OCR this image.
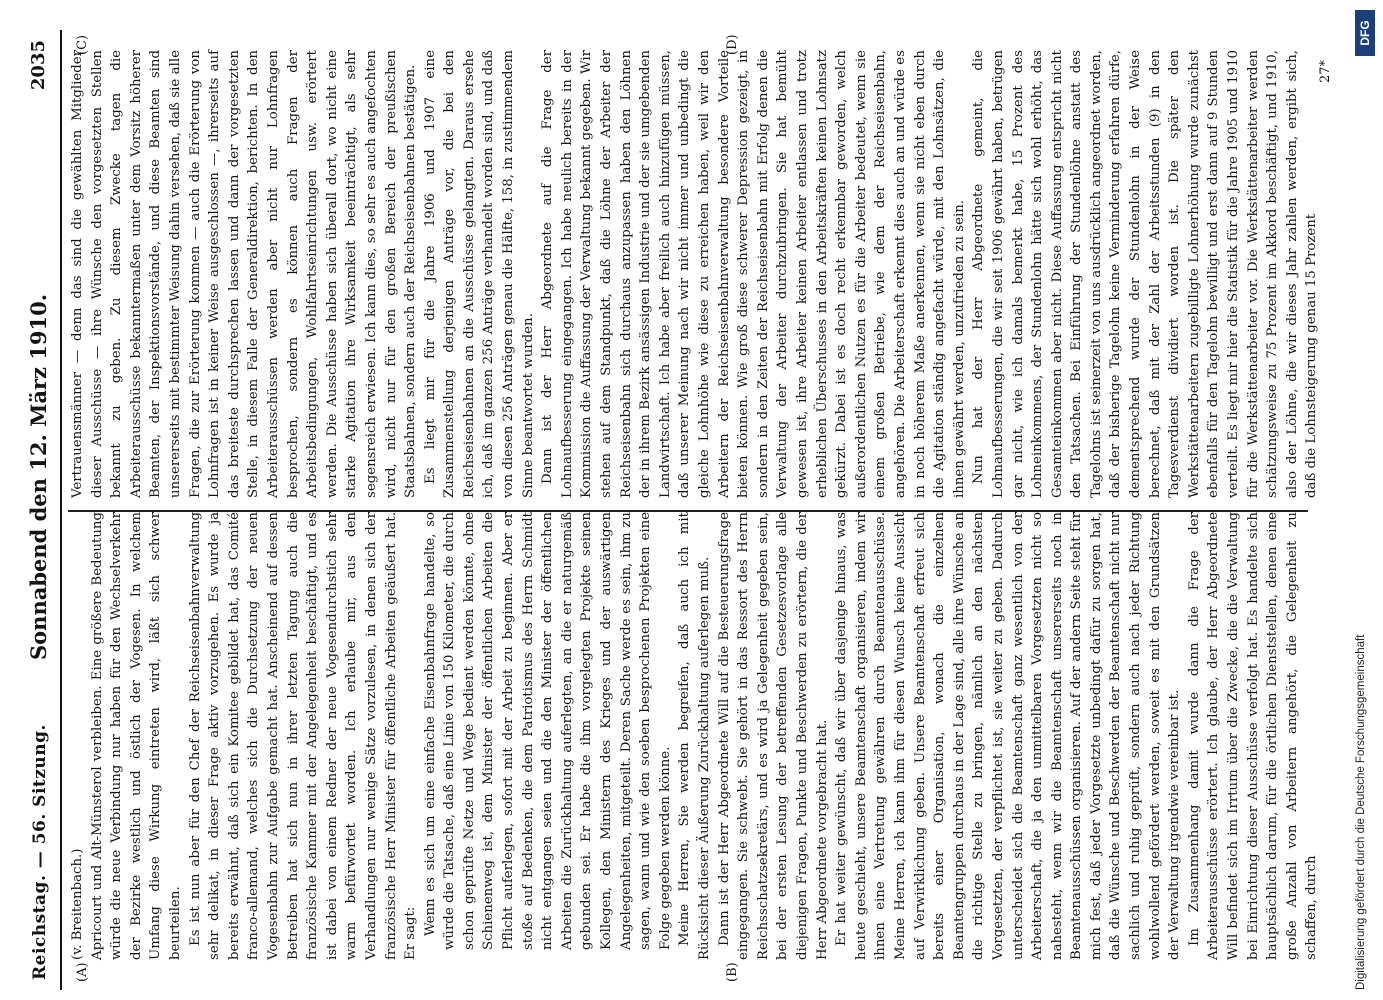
Reichstag. — 56. Sitzung.
Sonnabend den 12. März 1910.
2035
(A)	(B)
(C)	(D)

(v. Breitenbach.) Apricourt und Alt-Münsterol verbleiben. Eine größere Bedeutung würde die neue Verbindung nur haben für den Wechselverkehr der Bezirke westlich und östlich der Vogesen. In welchem Umfang diese Wirkung eintreten wird, läßt sich schwer beurteilen. Es ist nun aber für den Chef der Reichseisenbahnverwaltung sehr delikat, in dieser Frage aktiv vorzugehen. Es wurde ja bereits erwähnt, daß sich ein Komitee gebildet hat, das Comité franco-allemand, welches sich die Durchsetzung der neuen Vogesenbahn zur Aufgabe gemacht hat. Anscheinend auf dessen Betreiben hat sich nun in ihrer letzten Tagung auch die französische Kammer mit der Angelegenheit beschäftigt, und es ist dabei von einem Redner der neue Vogesendurchstich sehr warm befürwortet worden. Ich erlaube mir, aus den Verhandlungen nur wenige Sätze vorzulesen, in denen sich der französische Herr Minister für öffentliche Arbeiten geäußert hat. Er sagt: Wenn es sich um eine einfache Eisenbahnfrage handelte, so würde die Tatsache, daß eine Linie von 150 Kilometer, die durch schon geprüfte Netze und Wege bedient werden könnte, ohne Schienenweg ist, dem Minister der öffentlichen Arbeiten die Pflicht auferlegen, sofort mit der Arbeit zu beginnen. Aber er stoße auf Bedenken, die dem Patriotismus des Herrn Schmidt nicht entgangen seien und die den Minister der öffentlichen Arbeiten die Zurückhaltung auferlegten, an die er naturgemäß gebunden sei. Er habe die ihm vorgelegten Projekte seinen Kollegen, den Ministern des Krieges und der auswärtigen Angelegenheiten, mitgeteilt. Deren Sache werde es sein, ihm zu sagen, wann und wie den soeben besprochenen Projekten eine Folge gegeben werden könne. Meine Herren, Sie werden begreifen, daß auch ich mit Rücksicht dieser Äußerung Zurückhaltung auferlegen muß. Dann ist der Herr Abgeordnete Will auf die Besteuerungsfrage eingegangen. Sie schwebt. Sie gehört in das Ressort des Herrn Reichsschatzsekretärs, und es wird ja Gelegenheit gegeben sein, bei der ersten Lesung der betreffenden Gesetzesvorlage alle diejenigen Fragen, Punkte und Beschwerden zu erörtern, die der Herr Abgeordnete vorgebracht hat. Er hat weiter gewünscht, daß wir über dasjenige hinaus, was heute geschieht, unsere Beamtenschaft organisieren, indem wir ihnen eine Vertretung gewähren durch Beamtenausschüsse. Meine Herren, ich kann ihm für diesen Wunsch keine Aussicht auf Verwirklichung geben. Unsere Beamtenschaft erfreut sich bereits einer Organisation, wonach die einzelnen Beamtengruppen durchaus in der Lage sind, alle ihre Wünsche an die richtige Stelle zu bringen, nämlich an den nächsten Vorgesetzten, der verpflichtet ist, sie weiter zu geben. Dadurch unterscheidet sich die Beamtenschaft ganz wesentlich von der Arbeiterschaft, die ja den unmittelbaren Vorgesetzten nicht so nahesteht, wenn wir die Beamtenschaft unsererseits noch in Beamtenausschüssen organisieren. Auf der andern Seite steht für mich fest, daß jeder Vorgesetzte unbedingt dafür zu sorgen hat, daß die Wünsche und Beschwerden der Beamtenschaft nicht nur sachlich und ruhig geprüft, sondern auch nach jeder Richtung wohlwollend gefördert werden, soweit es mit den Grundsätzen der Verwaltung irgendwie vereinbar ist. Im Zusammenhang damit wurde dann die Frage der Arbeiterausschüsse erörtert. Ich glaube, der Herr Abgeordnete Will befindet sich im Irrtum über die Zwecke, die die Verwaltung bei Einrichtung dieser Ausschüsse verfolgt hat. Es handelte sich hauptsächlich darum, für die örtlichen Dienststellen, denen eine große Anzahl von Arbeitern angehört, die Gelegenheit zu schaffen, durch

Vertrauensmänner — denn das sind die gewählten Mitglieder dieser Ausschüsse — ihre Wünsche den vorgesetzten Stellen bekannt zu geben. Zu diesem Zwecke tagen die Arbeiterausschüsse bekanntermaßen unter dem Vorsitz höherer Beamten, der Inspektionsvorstände, und diese Beamten sind unsererseits mit bestimmter Weisung dahin versehen, daß sie alle Fragen, die zur Erörterung kommen — auch die Erörterung von Lohnfragen ist in keiner Weise ausgeschlossen —, ihrerseits auf das breiteste durchsprechen lassen und dann der vorgesetzten Stelle, in diesem Falle der Generaldirektion, berichten. In den Arbeiterausschüssen werden aber nicht nur Lohnfragen besprochen, sondern es können auch Fragen der Arbeitsbedingungen, Wohlfahrtseinrichtungen usw. erörtert werden. Die Ausschüsse haben sich überall dort, wo nicht eine starke Agitation ihre Wirksamkeit beeinträchtigt, als sehr segensreich erwiesen. Ich kann dies, so sehr es auch angefochten wird, nicht nur für den großen Bereich der preußischen Staatsbahnen, sondern auch der Reichseisenbahnen bestätigen. Es liegt mir für die Jahre 1906 und 1907 eine Zusammenstellung derjenigen Anträge vor, die bei den Reichseisenbahnen an die Ausschüsse gelangten. Daraus ersehe ich, daß im ganzen 256 Anträge verhandelt worden sind, und daß von diesen 256 Anträgen genau die Hälfte, 158, in zustimmendem Sinne beantwortet wurden. Dann ist der Herr Abgeordnete auf die Frage der Lohnaufbesserung eingegangen. Ich habe neulich bereits in der Kommission die Auffassung der Verwaltung bekannt gegeben. Wir stehen auf dem Standpunkt, daß die Löhne der Arbeiter der Reichseisenbahn sich durchaus anzupassen haben den Löhnen der in ihrem Bezirk ansässigen Industrie und der sie umgebenden Landwirtschaft. Ich habe aber freilich auch hinzufügen müssen, daß unserer Meinung nach wir nicht immer und unbedingt die gleiche Lohnhöhe wie diese zu erreichen haben, weil wir den Arbeitern der Reichseisenbahnverwaltung besondere Vorteile bieten können. Wie groß diese schwerer Depression gezeigt, in sondern in den Zeiten der Reichseisenbahn mit Erfolg denen die Verwaltung der Arbeiter durchzubringen. Sie hat bemüht gewesen ist, ihre Arbeiter keinen Arbeiter entlassen und trotz erheblichen Überschusses in den Arbeitskräften keinen Lohnsatz gekürzt. Dabei ist es doch recht erkennbar geworden, welch außerordentlichen Nutzen es für die Arbeiter bedeutet, wenn sie einem großen Betriebe, wie dem der Reichseisenbahn, angehören. Die Arbeiterschaft erkennt dies auch an und würde es in noch höherem Maße anerkennen, wenn sie nicht eben durch die Agitation ständig angefacht würde, mit den Lohnsätzen, die ihnen gewährt werden, unzufrieden zu sein. Nun hat der Herr Abgeordnete gemeint, die Lohnaufbesserungen, die wir seit 1906 gewährt haben, betrügen gar nicht, wie ich damals bemerkt habe, 15 Prozent des Lohneinkommens, der Stundenlohn hätte sich wohl erhöht, das Gesamteinkommen aber nicht. Diese Auffassung entspricht nicht den Tatsachen. Bei Einführung der Stundenlöhne anstatt des Tagelohns ist seinerzeit von uns ausdrücklich angeordnet worden, daß der bisherige Tagelohn keine Verminderung erfahren dürfe, dementsprechend wurde der Stundenlohn in der Weise berechnet, daß mit der Zahl der Arbeitsstunden (9) in den Tagesverdienst dividiert worden ist. Die später den Werkstättenarbeitern zugebilligte Lohnerhöhung wurde zunächst ebenfalls für den Tagelohn bewilligt und erst dann auf 9 Stunden verteilt. Es liegt mir hier die Statistik für die Jahre 1905 und 1910 für die Werkstättenarbeiter vor. Die Werkstättenarbeiter werden schätzungsweise zu 75 Prozent im Akkord beschäftigt, und 1910, also der Löhne, die wir dieses Jahr zahlen werden, ergibt sich, daß die Lohnsteigerung genau 15 Prozent

27*
DFG
Digitalisierung gefördert durch die Deutsche Forschungsgemeinschaft
